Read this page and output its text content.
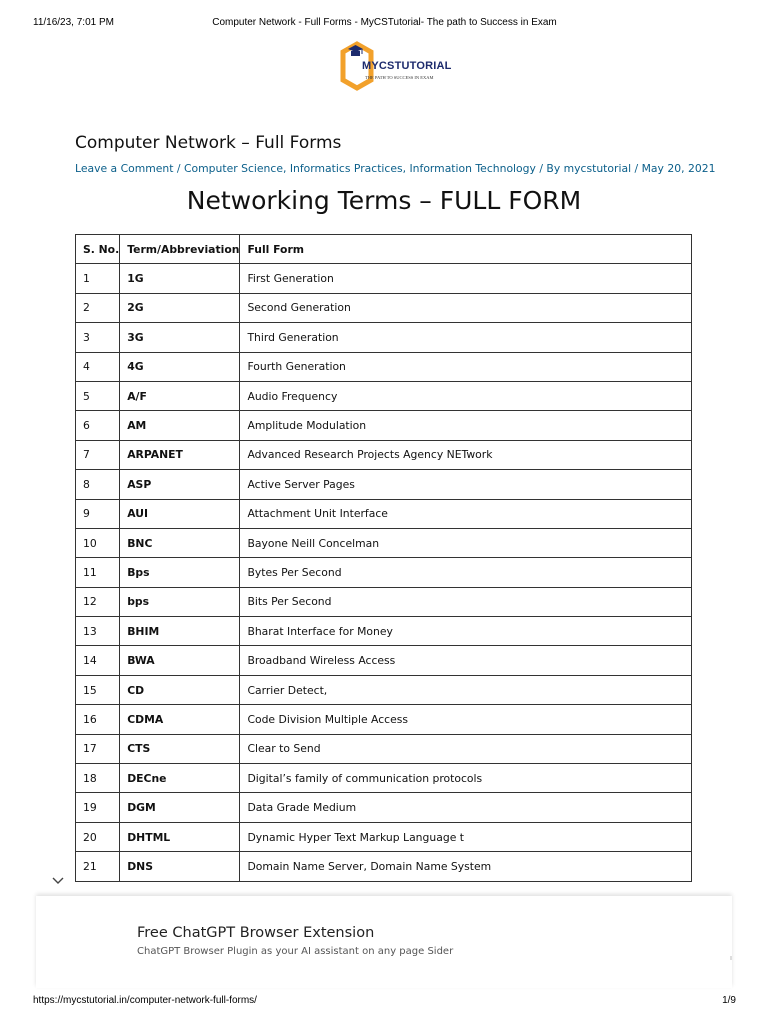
11/16/23, 7:01 PM	Computer Network - Full Forms - MyCSTutorial- The path to Success in Exam
MYCSTUTORIAL
THE PATH TO SUCCESS IN EXAM
Computer Network – Full Forms
Leave a Comment / Computer Science, Informatics Practices, Information Technology / By mycstutorial / May 20, 2021
Networking Terms – FULL FORM
S. No.	Term/Abbreviation	Full Form
1	1G	First Generation
2	2G	Second Generation
3	3G	Third Generation
4	4G	Fourth Generation
5	A/F	Audio Frequency
6	AM	Amplitude Modulation
7	ARPANET	Advanced Research Projects Agency NETwork
8	ASP	Active Server Pages
9	AUI	Attachment Unit Interface
10	BNC	Bayone Neill Concelman
11	Bps	Bytes Per Second
12	bps	Bits Per Second
13	BHIM	Bharat Interface for Money
14	BWA	Broadband Wireless Access
15	CD	Carrier Detect,
16	CDMA	Code Division Multiple Access
17	CTS	Clear to Send
18	DECne	Digital’s family of communication protocols
19	DGM	Data Grade Medium
20	DHTML	Dynamic Hyper Text Markup Language t
21	DNS	Domain Name Server, Domain Name System
Free ChatGPT Browser Extension
ChatGPT Browser Plugin as your AI assistant on any page Sider
https://mycstutorial.in/computer-network-full-forms/	1/9
